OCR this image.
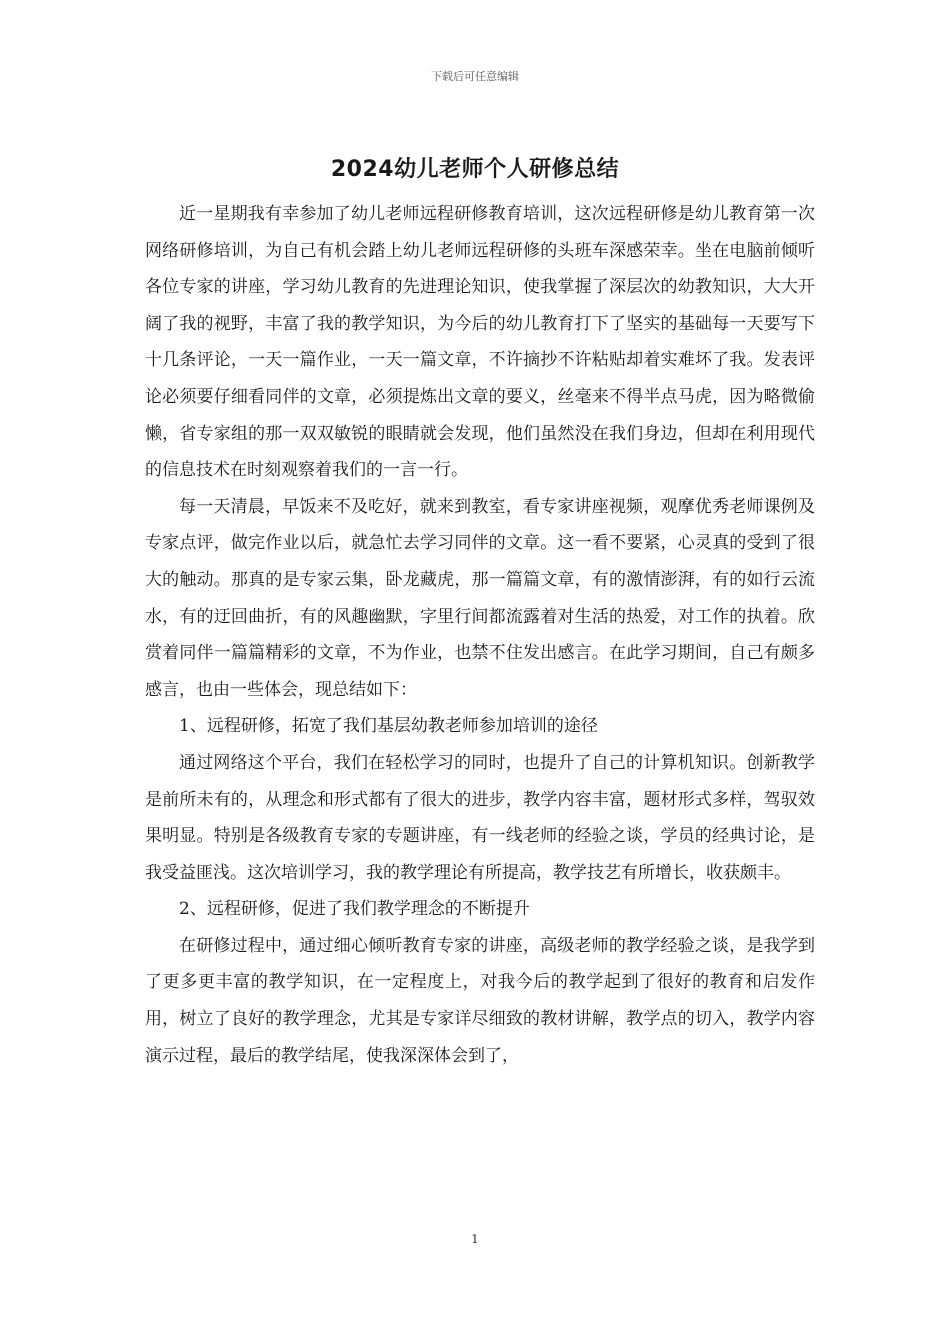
下载后可任意编辑
2024幼儿老师个人研修总结

近一星期我有幸参加了幼儿老师远程研修教育培训，这次远程研修是幼儿教育第一次网络研修培训，为自己有机会踏上幼儿老师远程研修的头班车深感荣幸。坐在电脑前倾听各位专家的讲座，学习幼儿教育的先进理论知识，使我掌握了深层次的幼教知识，大大开阔了我的视野，丰富了我的教学知识，为今后的幼儿教育打下了坚实的基础每一天要写下十几条评论，一天一篇作业，一天一篇文章，不许摘抄不许粘贴却着实难坏了我。发表评论必须要仔细看同伴的文章，必须提炼出文章的要义，丝毫来不得半点马虎，因为略微偷懒，省专家组的那一双双敏锐的眼睛就会发现，他们虽然没在我们身边，但却在利用现代的信息技术在时刻观察着我们的一言一行。

每一天清晨，早饭来不及吃好，就来到教室，看专家讲座视频，观摩优秀老师课例及专家点评，做完作业以后，就急忙去学习同伴的文章。这一看不要紧，心灵真的受到了很大的触动。那真的是专家云集，卧龙藏虎，那一篇篇文章，有的激情澎湃，有的如行云流水，有的迂回曲折，有的风趣幽默，字里行间都流露着对生活的热爱，对工作的执着。欣赏着同伴一篇篇精彩的文章，不为作业，也禁不住发出感言。在此学习期间，自己有颇多感言，也由一些体会，现总结如下：

1、远程研修，拓宽了我们基层幼教老师参加培训的途径

通过网络这个平台，我们在轻松学习的同时，也提升了自己的计算机知识。创新教学是前所未有的，从理念和形式都有了很大的进步，教学内容丰富，题材形式多样，驾驭效果明显。特别是各级教育专家的专题讲座，有一线老师的经验之谈，学员的经典讨论，是我受益匪浅。这次培训学习，我的教学理论有所提高，教学技艺有所增长，收获颇丰。

2、远程研修，促进了我们教学理念的不断提升

在研修过程中，通过细心倾听教育专家的讲座，高级老师的教学经验之谈，是我学到了更多更丰富的教学知识，在一定程度上，对我今后的教学起到了很好的教育和启发作用，树立了良好的教学理念，尤其是专家详尽细致的教材讲解，教学点的切入，教学内容演示过程，最后的教学结尾，使我深深体会到了，

1
